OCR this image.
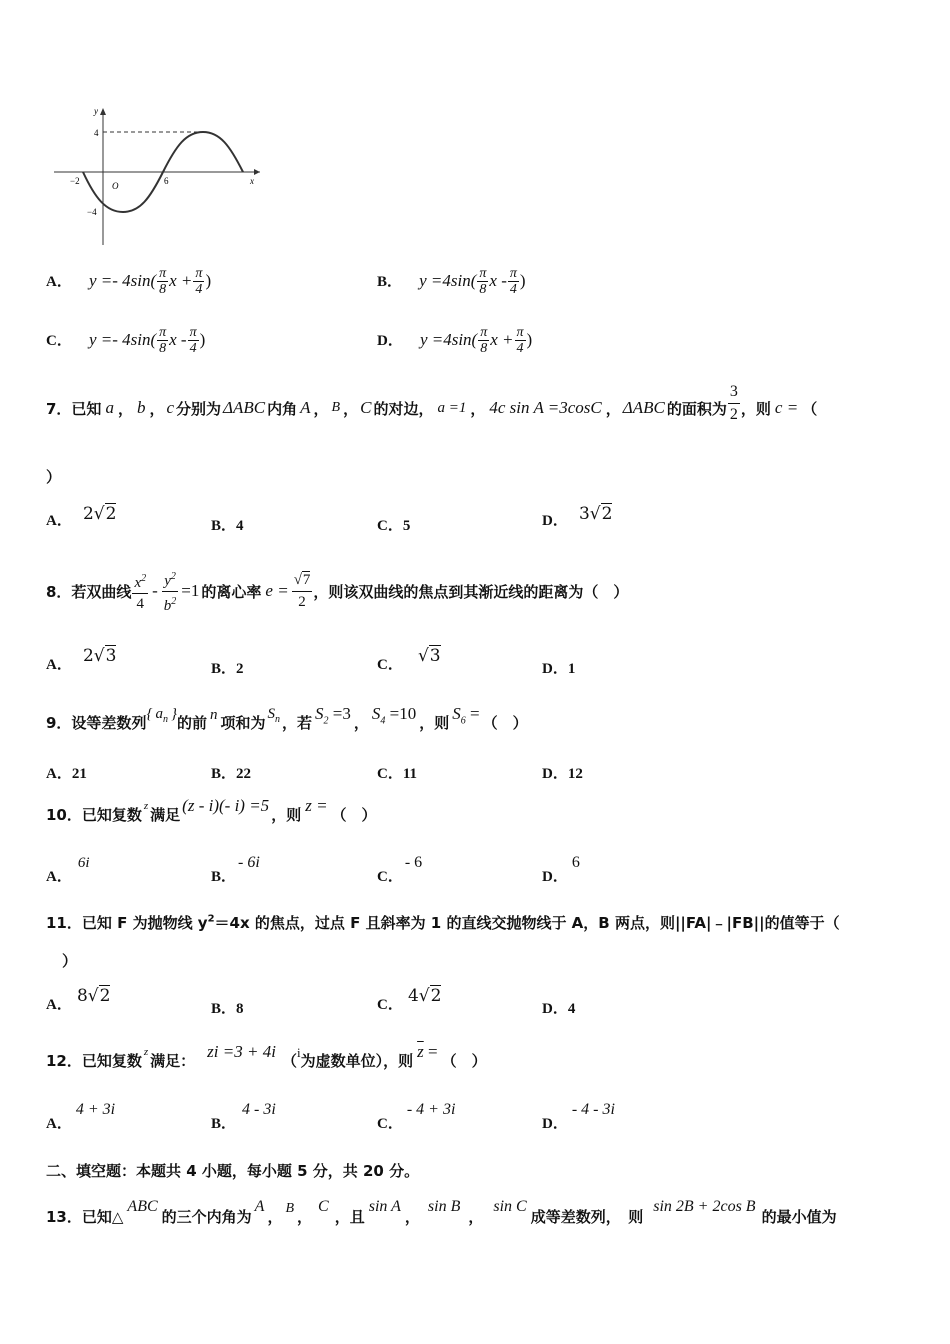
y
x
4
−4
−2	6
O
A． $y =- 4\sin( \frac{\pi}{8}$ $x + \frac{\pi}{4}$ )	B． $y =4\sin( \frac{\pi}{8}$ x - $\frac{\pi}{4}$ )
C． $y =- 4\sin( \frac{\pi}{8}$ x - $\frac{\pi}{4}$ )	D． $y =4\sin( \frac{\pi}{8}$ $x + \frac{\pi}{4}$ )
7．已知 a ， b ， c 分别为 ΔABC 内角 A ， B ， C 的对边， a =1 ， 4c sin A =3cosC ， ΔABC 的面积为 $\frac{3}{2}$ ，则 c = （
）
A． 2√2
B．4	C．5	D． 3√2
8．若双曲线 $\frac{x^2}{4} - \frac{y^2}{b^2} =1$ 的离心率 $e = \frac{√7}{2}$ ，则该双曲线的焦点到其渐近线的距离为（　）
A． 2√3
B．2	C． √3
D．1
9．设等差数列 { $a_n$ } 的前 n 项和为 $S_n$ ，若 $S_2 =3$ ， $S_4 =10$ ，则 $S_6$ = （　）
A．21	B．22	C．11	D．12
10．已知复数 z 满足 (z - i)(- i) =5 ，则 z = （　）
A．6i
B．- 6i
C．- 6
D．6
11．已知 F 为抛物线 $y^2=4x$ 的焦点，过点 F 且斜率为 1 的直线交抛物线于 A，B 两点，则||FA|﹣|FB||的值等于（
）
A． 8√2
B．8	C． 4√2
D．4
12．已知复数 z 满足： zi =3 + 4i （ i 为虚数单位），则 $\overline{z}$ = （　）
A．4 + 3i
B．4 - 3i
C．- 4 + 3i
D．- 4 - 3i
二、填空题：本题共 4 小题，每小题 5 分，共 20 分。
13．已知△
ABC
的三个内角为
A
， B ，
C
，且
sin A
，
sin B
，
sin C
成等差数列，　则
sin 2B + 2cos B
的最小值为
